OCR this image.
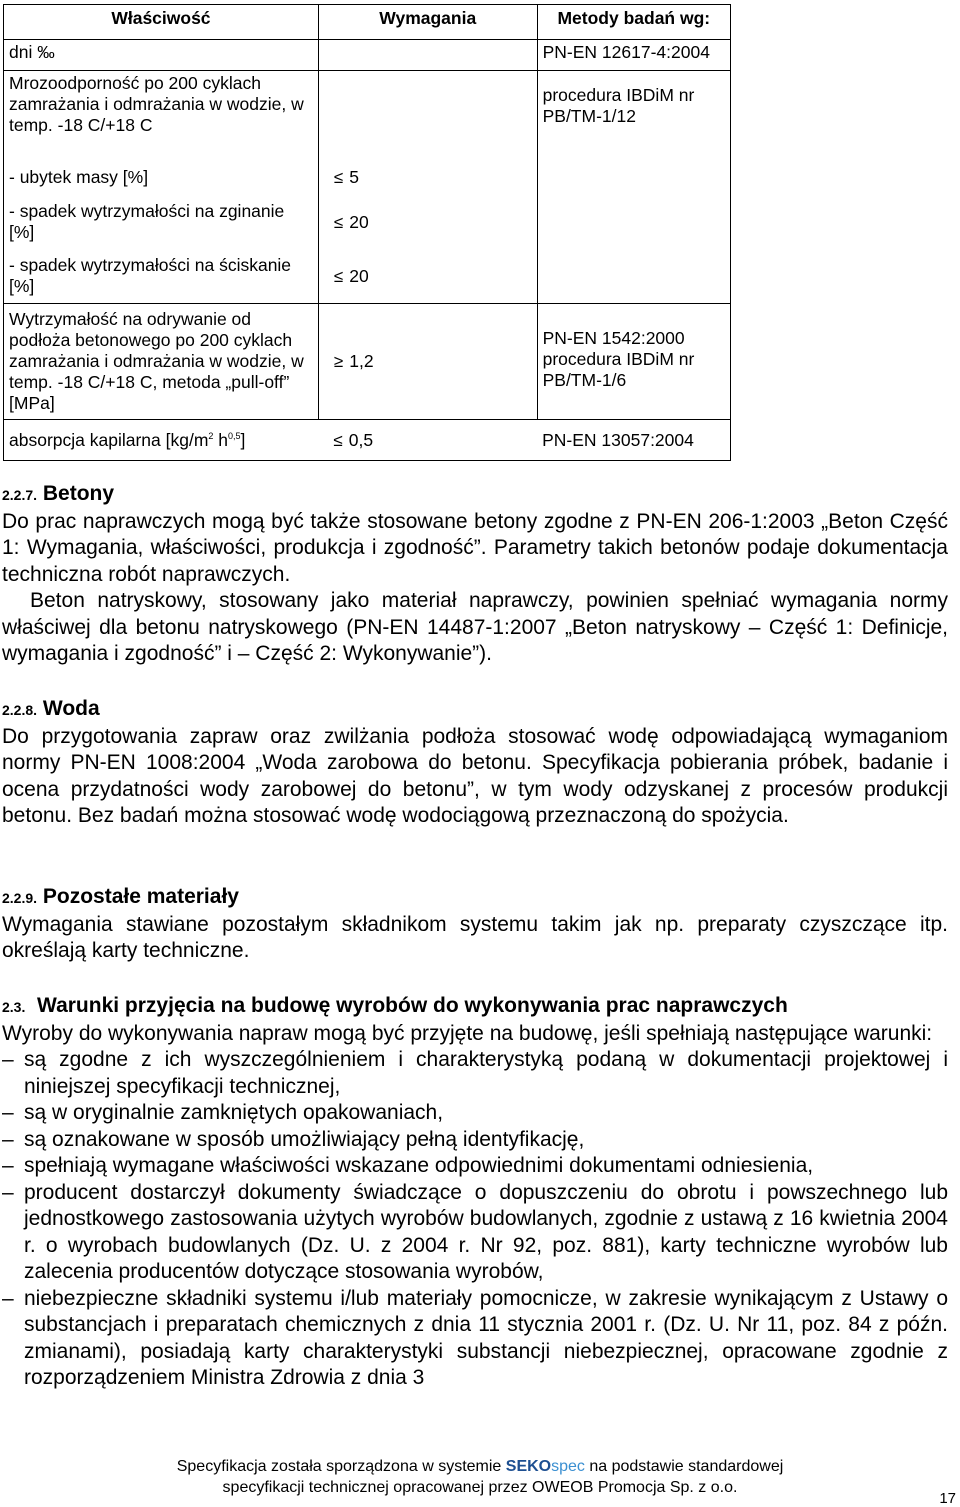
Właściwość	Wymagania	Metody badań wg:
dni ‰		PN-EN 12617-4:2004
Mrozoodporność po 200 cyklach zamrażania i odmrażania w wodzie, w temp. -18 C/+18 C		procedura IBDiM nr PB/TM-1/12
- ubytek masy [%]	≤ 5	
- spadek wytrzymałości na zginanie [%]	≤ 20	
- spadek wytrzymałości na ściskanie [%]	≤ 20	
Wytrzymałość na odrywanie od podłoża betonowego po 200 cyklach zamrażania i odmrażania w wodzie, w temp. -18 C/+18 C, metoda „pull-off” [MPa]	≥ 1,2	PN-EN 1542:2000 procedura IBDiM nr PB/TM-1/6
absorpcja kapilarna [$kg/m^2$ $h^{0,5}$]	≤ 0,5	PN-EN 13057:2004
2.2.7. Betony
Do prac naprawczych mogą być także stosowane betony zgodne z PN-EN 206-1:2003 „Beton Część 1: Wymagania, właściwości, produkcja i zgodność”. Parametry takich betonów podaje dokumentacja techniczna robót naprawczych.
Beton natryskowy, stosowany jako materiał naprawczy, powinien spełniać wymagania normy właściwej dla betonu natryskowego (PN-EN 14487-1:2007 „Beton natryskowy – Część 1: Definicje, wymagania i zgodność” i – Część 2: Wykonywanie”).
2.2.8. Woda
Do przygotowania zapraw oraz zwilżania podłoża stosować wodę odpowiadającą wymaganiom normy PN-EN 1008:2004 „Woda zarobowa do betonu. Specyfikacja pobierania próbek, badanie i ocena przydatności wody zarobowej do betonu”, w tym wody odzyskanej z procesów produkcji betonu. Bez badań można stosować wodę wodociągową przeznaczoną do spożycia.
2.2.9. Pozostałe materiały
Wymagania stawiane pozostałym składnikom systemu takim jak np. preparaty czyszczące itp. określają karty techniczne.
2.3. Warunki przyjęcia na budowę wyrobów do wykonywania prac naprawczych
Wyroby do wykonywania napraw mogą być przyjęte na budowę, jeśli spełniają następujące warunki:
– są zgodne z ich wyszczególnieniem i charakterystyką podaną w dokumentacji projektowej i niniejszej specyfikacji technicznej,
– są w oryginalnie zamkniętych opakowaniach,
– są oznakowane w sposób umożliwiający pełną identyfikację,
– spełniają wymagane właściwości wskazane odpowiednimi dokumentami odniesienia,
– producent dostarczył dokumenty świadczące o dopuszczeniu do obrotu i powszechnego lub jednostkowego zastosowania użytych wyrobów budowlanych, zgodnie z ustawą z 16 kwietnia 2004 r. o wyrobach budowlanych (Dz. U. z 2004 r. Nr 92, poz. 881), karty techniczne wyrobów lub zalecenia producentów dotyczące stosowania wyrobów,
– niebezpieczne składniki systemu i/lub materiały pomocnicze, w zakresie wynikającym z Ustawy o substancjach i preparatach chemicznych z dnia 11 stycznia 2001 r. (Dz. U. Nr 11, poz. 84 z późn. zmianami), posiadają karty charakterystyki substancji niebezpiecznej, opracowane zgodnie z rozporządzeniem Ministra Zdrowia z dnia 3
Specyfikacja została sporządzona w systemie SEKOspec na podstawie standardowej
specyfikacji technicznej opracowanej przez OWEOB Promocja Sp. z o.o.
17
